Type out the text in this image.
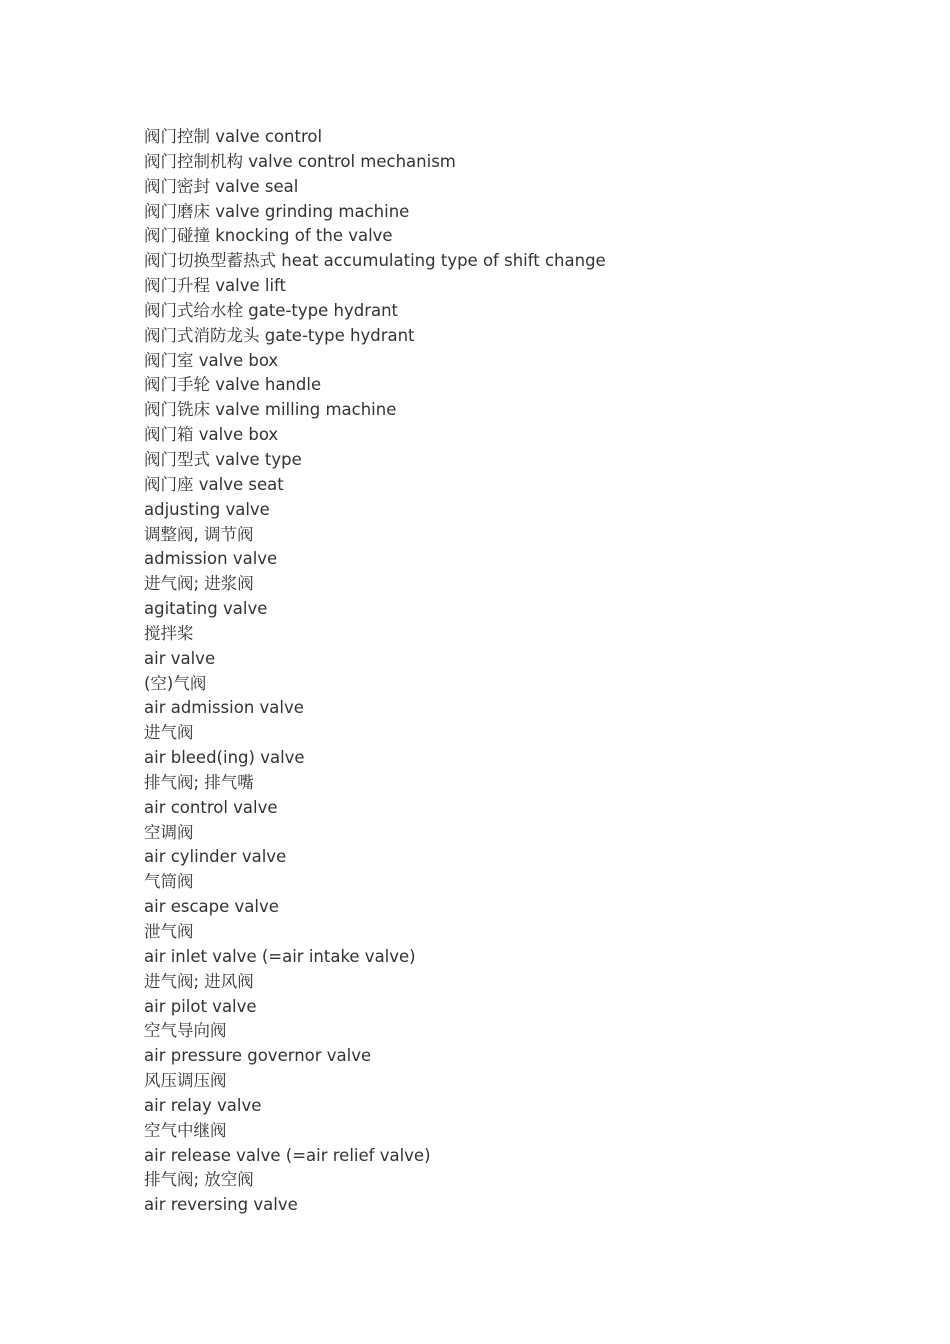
阀门控制 valve control
阀门控制机构 valve control mechanism
阀门密封 valve seal
阀门磨床 valve grinding machine
阀门碰撞 knocking of the valve
阀门切换型蓄热式 heat accumulating type of shift change
阀门升程 valve lift
阀门式给水栓 gate-type hydrant
阀门式消防龙头 gate-type hydrant
阀门室 valve box
阀门手轮 valve handle
阀门铣床 valve milling machine
阀门箱 valve box
阀门型式 valve type
阀门座 valve seat
adjusting valve
调整阀, 调节阀
admission valve
进气阀; 进浆阀
agitating valve
搅拌桨
air valve
(空)气阀
air admission valve
进气阀
air bleed(ing) valve
排气阀; 排气嘴
air control valve
空调阀
air cylinder valve
气筒阀
air escape valve
泄气阀
air inlet valve (=air intake valve)
进气阀; 进风阀
air pilot valve
空气导向阀
air pressure governor valve
风压调压阀
air relay valve
空气中继阀
air release valve (=air relief valve)
排气阀; 放空阀
air reversing valve
